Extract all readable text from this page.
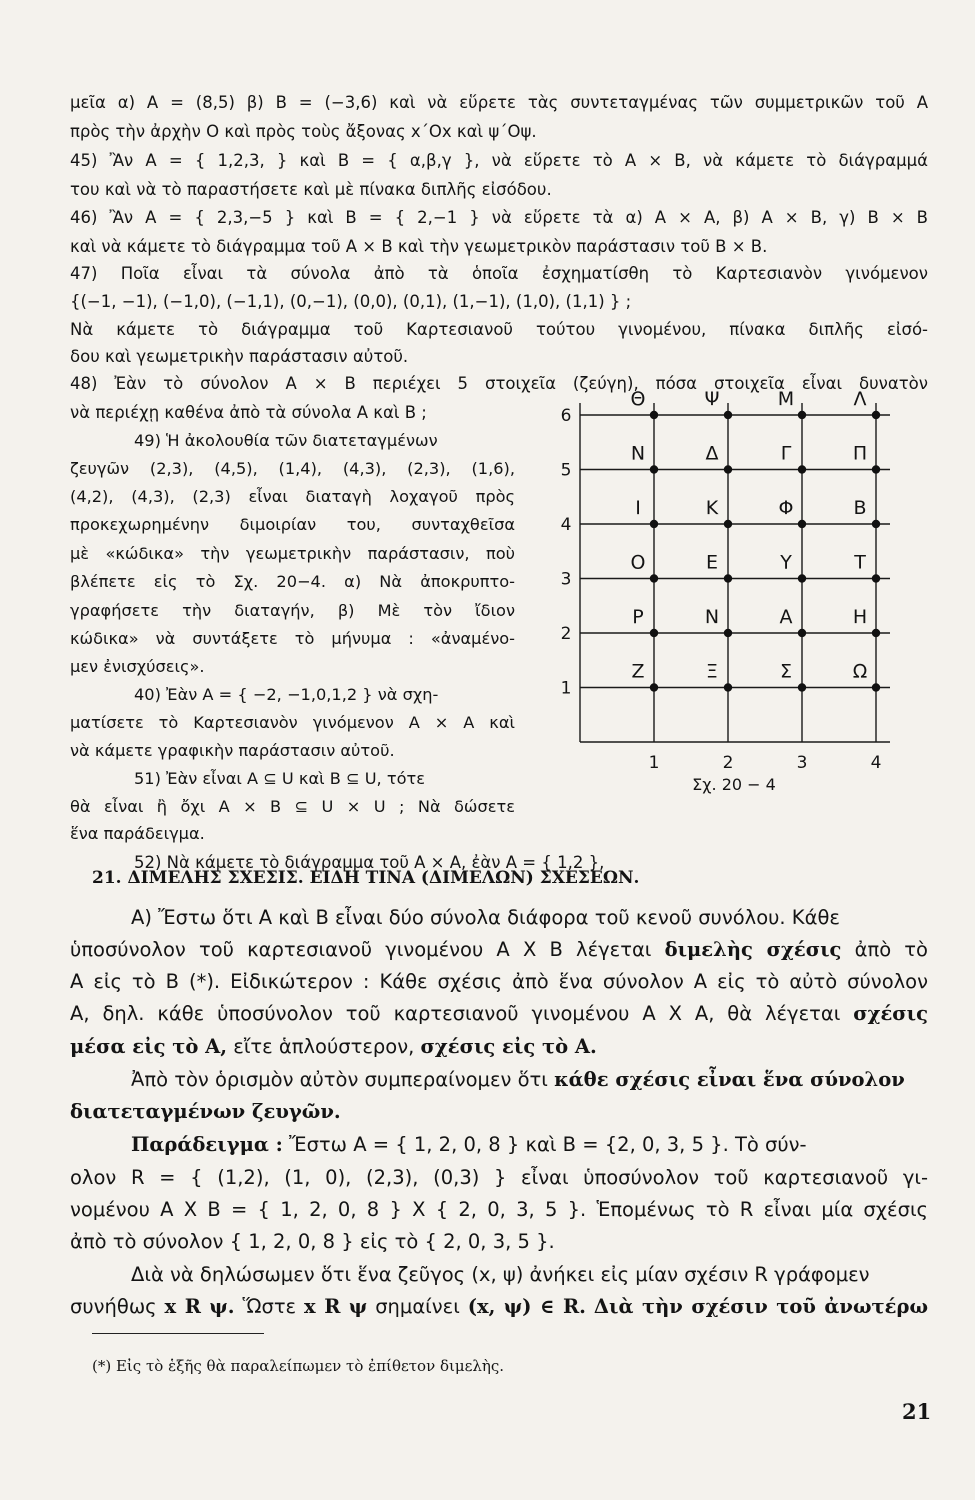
μεῖα α) A = (8,5) β) B = (−3,6) καὶ νὰ εὕρετε τὰς συντεταγμένας τῶν συμμετρικῶν τοῦ A
πρὸς τὴν ἀρχὴν O καὶ πρὸς τοὺς ἄξονας x΄Ox καὶ ψ΄Oψ.
45) Ἂν A = { 1,2,3, } καὶ B = { α,β,γ }, νὰ εὕρετε τὸ A × B, νὰ κάμετε τὸ διάγραμμά
του καὶ νὰ τὸ παραστήσετε καὶ μὲ πίνακα διπλῆς εἰσόδου.
46) Ἂν A = { 2,3,−5 } καὶ B = { 2,−1 } νὰ εὕρετε τὰ α) A × A, β) A × B, γ) B × B
καὶ νὰ κάμετε τὸ διάγραμμα τοῦ A × B καὶ τὴν γεωμετρικὸν παράστασιν τοῦ B × B.
47) Ποῖα εἶναι τὰ σύνολα ἀπὸ τὰ ὁποῖα ἐσχηματίσθη τὸ Καρτεσιανὸν γινόμενον
{(−1, −1), (−1,0), (−1,1), (0,−1), (0,0), (0,1), (1,−1), (1,0), (1,1) } ;
Νὰ κάμετε τὸ διάγραμμα τοῦ Καρτεσιανοῦ τούτου γινομένου, πίνακα διπλῆς εἰσό-
δου καὶ γεωμετρικὴν παράστασιν αὐτοῦ.
48) Ἐὰν τὸ σύνολον A × B περιέχει 5 στοιχεῖα (ζεύγη), πόσα στοιχεῖα εἶναι δυνατὸν
νὰ περιέχῃ καθένα ἀπὸ τὰ σύνολα A καὶ B ;
49) Ἡ ἀκολουθία τῶν διατεταγμένων
ζευγῶν (2,3), (4,5), (1,4), (4,3), (2,3), (1,6),
(4,2), (4,3), (2,3) εἶναι διαταγὴ λοχαγοῦ πρὸς
προκεχωρημένην διμοιρίαν του, συνταχθεῖσα
μὲ «κώδικα» τὴν γεωμετρικὴν παράστασιν, ποὺ
βλέπετε εἰς τὸ Σχ. 20−4. α) Νὰ ἀποκρυπτο-
γραφήσετε τὴν διαταγήν, β) Μὲ τὸν ἴδιον
κώδικα» νὰ συντάξετε τὸ μήνυμα : «ἀναμένο-
μεν ἐνισχύσεις».
40) Ἐὰν A = { −2, −1,0,1,2 } νὰ σχη-
ματίσετε τὸ Καρτεσιανὸν γινόμενον A × A καὶ
νὰ κάμετε γραφικὴν παράστασιν αὐτοῦ.
51) Ἐὰν εἶναι A ⊆ U καὶ B ⊆ U, τότε
θὰ εἶναι ἢ ὄχι A × B ⊆ U × U ; Νὰ δώσετε
ἕνα παράδειγμα.
52) Νὰ κάμετε τὸ διάγραμμα τοῦ A × A, ἐὰν A = { 1,2 },
1
2
3
4
5
6
1	2	3	4
Θ	Ψ	Μ	Λ
Ν	Δ	Γ	Π
Ι	Κ	Φ	Β
Ο	Ε	Υ	Τ
Ρ	Ν	Α	Η
Ζ	Ξ	Σ	Ω
Σχ. 20 − 4
21. ΔΙΜΕΛΗΣ ΣΧΕΣΙΣ. ΕΙΔΗ ΤΙΝΑ (ΔΙΜΕΛΩΝ) ΣΧΕΣΕΩΝ.
A) Ἔστω ὅτι A καὶ B εἶναι δύο σύνολα διάφορα τοῦ κενοῦ συνόλου. Κάθε
ὑποσύνολον τοῦ καρτεσιανοῦ γινομένου A X B λέγεται διμελὴς σχέσις ἀπὸ τὸ
A εἰς τὸ B (*). Εἰδικώτερον : Κάθε σχέσις ἀπὸ ἕνα σύνολον A εἰς τὸ αὐτὸ σύνολον
A, δηλ. κάθε ὑποσύνολον τοῦ καρτεσιανοῦ γινομένου A X A, θὰ λέγεται σχέσις
μέσα εἰς τὸ A, εἴτε ἁπλούστερον, σχέσις εἰς τὸ A.
Ἀπὸ τὸν ὁρισμὸν αὐτὸν συμπεραίνομεν ὅτι κάθε σχέσις εἶναι ἕνα σύνολον
διατεταγμένων ζευγῶν.
Παράδειγμα : Ἔστω A = { 1, 2, 0, 8 } καὶ B = {2, 0, 3, 5 }. Τὸ σύν-
ολον R = { (1,2), (1, 0), (2,3), (0,3) } εἶναι ὑποσύνολον τοῦ καρτεσιανοῦ γι-
νομένου A X B = { 1, 2, 0, 8 } X { 2, 0, 3, 5 }. Ἑπομένως τὸ R εἶναι μία σχέσις
ἀπὸ τὸ σύνολον { 1, 2, 0, 8 } εἰς τὸ { 2, 0, 3, 5 }.
Διὰ νὰ δηλώσωμεν ὅτι ἕνα ζεῦγος (x, ψ) ἀνήκει εἰς μίαν σχέσιν R γράφομεν
συνήθως x R ψ. Ὥστε x R ψ σημαίνει (x, ψ) ∈ R. Διὰ τὴν σχέσιν τοῦ ἀνωτέρω
(*) Εἰς τὸ ἑξῆς θὰ παραλείπωμεν τὸ ἐπίθετον διμελὴς.
21
